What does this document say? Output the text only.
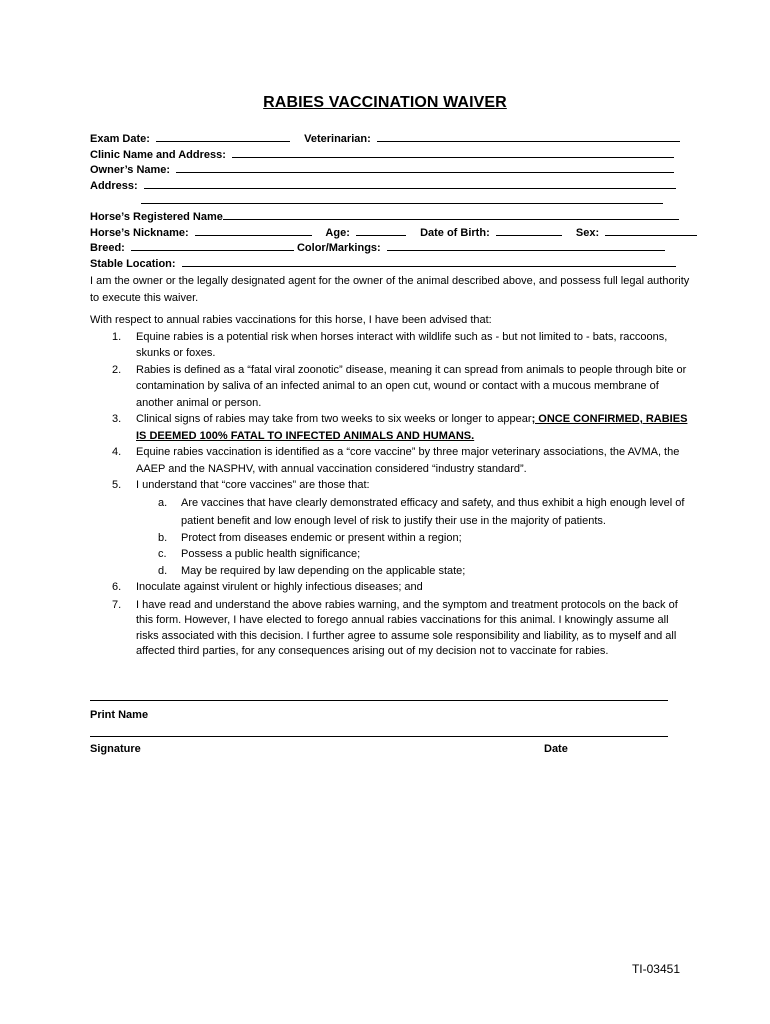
RABIES VACCINATION WAIVER
Exam Date:	Veterinarian:
Clinic Name and Address:
Owner’s Name:
Address:
Horse’s Registered Name
Horse’s Nickname:	Age:	Date of Birth:	Sex:
Breed:	Color/Markings:
Stable Location:

I am the owner or the legally designated agent for the owner of the animal described above, and possess full legal authority to execute this waiver.

With respect to annual rabies vaccinations for this horse, I have been advised that:

1. Equine rabies is a potential risk when horses interact with wildlife such as - but not limited to - bats, raccoons, skunks or foxes.
2. Rabies is defined as a “fatal viral zoonotic” disease, meaning it can spread from animals to people through bite or contamination by saliva of an infected animal to an open cut, wound or contact with a mucous membrane of another animal or person.
3. Clinical signs of rabies may take from two weeks to six weeks or longer to appear; ONCE CONFIRMED, RABIES IS DEEMED 100% FATAL TO INFECTED ANIMALS AND HUMANS.
4. Equine rabies vaccination is identified as a “core vaccine” by three major veterinary associations, the AVMA, the AAEP and the NASPHV, with annual vaccination considered “industry standard”.
5. I understand that “core vaccines” are those that:
a. Are vaccines that have clearly demonstrated efficacy and safety, and thus exhibit a high enough level of patient benefit and low enough level of risk to justify their use in the majority of patients.
b. Protect from diseases endemic or present within a region;
c. Possess a public health significance;
d. May be required by law depending on the applicable state;
6. Inoculate against virulent or highly infectious diseases; and
7. I have read and understand the above rabies warning, and the symptom and treatment protocols on the back of this form. However, I have elected to forego annual rabies vaccinations for this animal. I knowingly assume all risks associated with this decision. I further agree to assume sole responsibility and liability, as to myself and all affected third parties, for any consequences arising out of my decision not to vaccinate for rabies.
Print Name
Signature	Date
TI-03451
